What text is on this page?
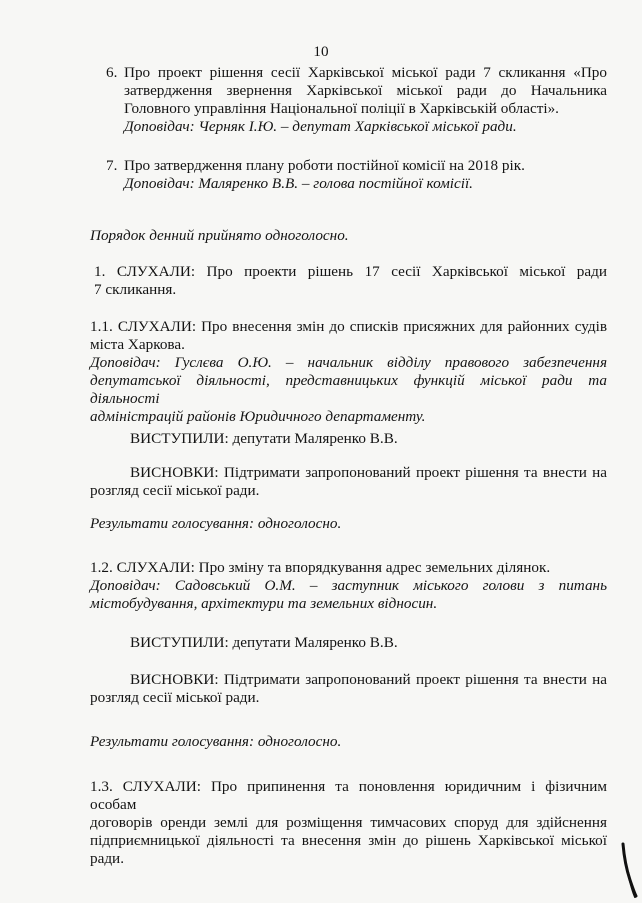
10
6. Про проект рішення сесії Харківської міської ради 7 скликання «Про
затвердження звернення Харківської міської ради до Начальника
Головного управління Національної поліції в Харківській області».
Доповідач: Черняк І.Ю. – депутат Харківської міської ради.
7. Про затвердження плану роботи постійної комісії на 2018 рік.
Доповідач: Маляренко В.В. – голова постійної комісії.
Порядок денний прийнято одноголосно.
1. СЛУХАЛИ: Про проекти рішень 17 сесії Харківської міської ради
7 скликання.
1.1. СЛУХАЛИ: Про внесення змін до списків присяжних для районних судів
міста Харкова.
Доповідач: Гуслєва О.Ю. – начальник відділу правового забезпечення
депутатської діяльності, представницьких функцій міської ради та діяльності
адміністрацій районів Юридичного департаменту.
ВИСТУПИЛИ: депутати Маляренко В.В.
ВИСНОВКИ: Підтримати запропонований проект рішення та внести на
розгляд сесії міської ради.
Результати голосування: одноголосно.
1.2. СЛУХАЛИ: Про зміну та впорядкування адрес земельних ділянок.
Доповідач: Садовський О.М. – заступник міського голови з питань
містобудування, архітектури та земельних відносин.
ВИСТУПИЛИ: депутати Маляренко В.В.
ВИСНОВКИ: Підтримати запропонований проект рішення та внести на
розгляд сесії міської ради.
Результати голосування: одноголосно.
1.3. СЛУХАЛИ: Про припинення та поновлення юридичним і фізичним особам
договорів оренди землі для розміщення тимчасових споруд для здійснення
підприємницької діяльності та внесення змін до рішень Харківської міської
ради.
